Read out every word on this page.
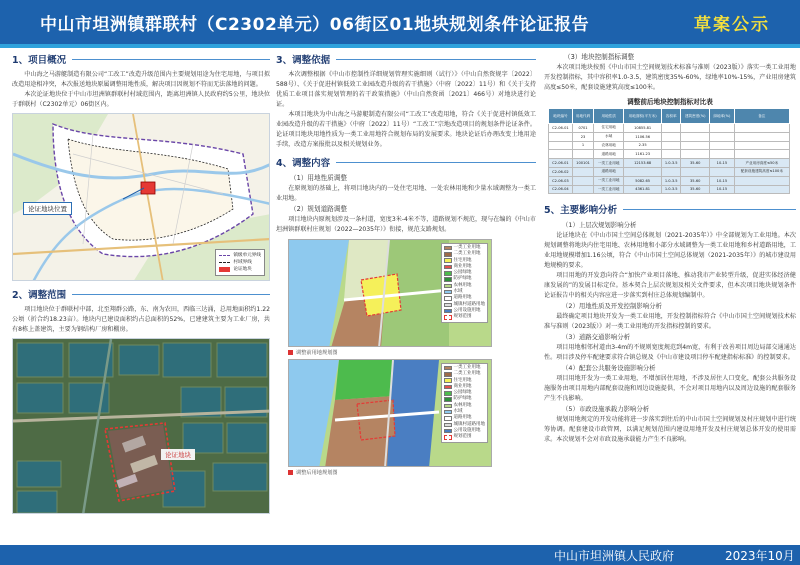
中山市坦洲镇群联村（C2302单元）06街区01地块规划条件论证报告	草案公示
1、项目概况

中山海之马游艇制造有限公司“工改工”改造升级范围内主要规划用途为住宅用地，与项目拟改造用途相冲突，本次报送地块原属调整用地性质，解决项目因规划不符而无法落地的问题。

本次论证地块位于中山市坦洲镇群联村村域范围内，距离坦洲镇人民政府约5公里，地块位于群联村（C2302单元）06街区内。

论证地块位置
镇级单元界线
村域界线
论证地块
2、调整范围

项目地块位于群联村中部，北至翔群公路，东、南为农田，西临三达涌，总用地面积约1.22公顷（折合约18.23亩）。地块内已建设面积约占总面积的52%，已建建筑主要为工业厂房，共有8栋上盖建筑，主要为钢结构厂房和棚房。

论证地块
3、调整依据

本次调整根据《中山市控制性详细规划管理实施细则（试行）》（中山自然资规字〔2022〕588号）、《关于促进村镇低效工业园改造升级的若干措施》（中府〔2022〕11号）和《关于支持优质工业项目落实规划管理的若干政策措施》（中山自然资函〔2021〕466号）对地块进行论证。

本项目地块为中山海之马游艇制造有限公司“工改工”改造用地，符合《关于促进村镇低效工业园改造升级的若干措施》（中府〔2022〕11号）“工改工”宗地改造项目的规划条件论证条件。论证项目地块用地性质为一类工业用地符合规划布局的发展要求。地块论证后办理改变土地用途手续，改造方案报批以及相关规划业务。

4、调整内容
（1）用地性质调整

在原规划的基础上，将项目地块内的一处住宅用地、一处农林用地和少量水域调整为一类工业用地。

（2）规划道路调整

项目地块内原规划涉及一条村道，宽度3米-4米不等，道路规划不规范，现与在编的《中山市坦洲镇群联村庄规划（2022—2035年）》衔接，规范支路规划。

一类工业用地
二类工业用地
住宅用地
商业用地
公园绿地
防护绿地
农林用地
水域
道路用地
城镇村道路用地
公用设施用地
规划范围
调整前用地规划图
一类工业用地
二类工业用地
住宅用地
商业用地
公园绿地
防护绿地
农林用地
水域
道路用地
城镇村道路用地
公用设施用地
规划范围
调整后用地规划图
（3）地块控制指标调整

本次项目地块按照《中山市国土空间规划技术标准与准则（2023版）》落实一类工业用地开发控制指标，其中容积率1.0-3.5，建筑密度35%-60%，绿地率10%-15%，产业用房建筑高度≤50米，配套设施建筑高度≤100米。

调整前后地块控制指标对比表
地块编号	用地代码	用地性质	用地面积(平方米)	容积率	建筑密度(%)	绿地率(%)	备注
C2-06-01	0701	住宅用地	10855.81				
	23	水域	1106.56				
	1	农林用地	2.35				
		道路用地	1161.23				
C2-06-01	100101	一类工业用地	12153.68	1.0-3.5	35-60	10-15	产业用房高度≤50米
C2-06-02		道路用地					配套设施建筑高度≤100米
C2-06-03		一类工业用地	5082.65	1.0-3.5	35-60	10-15	
C2-06-04		一类工业用地	4361.81	1.0-3.5	35-60	10-15	
5、主要影响分析
（1）上层次规划影响分析

论证地块在《中山市国土空间总体规划（2021-2035年）》中全部规划为工业用地。本次规划调整将地块内住宅用地、农林用地和小部分水域调整为一类工业用地和乡村道路用地，工业用地规模增加1.16公顷，符合《中山市国土空间总体规划（2021-2035年）》的城市建设用地规模的要求。

项目用地的开发意向符合“加快产业项目落地、推动我市产业转型升级，促进实体经济健康发展的”的发展目标定位。基本契合上层次规划及相关文件要求，但本次项目地块规划条件论证报告中的相关内容应进一步落实到村庄总体规划编制中。

（2）用地性质及开发控制影响分析

最终确定项目地块开发为一类工业用地，开发控制指标符合《中山市国土空间规划技术标准与准则（2023版）》对一类工业用地的开发指标控制的要求。

（3）道路交通影响分析

项目用地相邻村道由3-4m的不规则宽度规范到4m宽，有利于改善项目周边局部交通通达性。项目涉及停车配建要求符合镇总规及《中山市建设项目停车配建指标标准》的控制要求。

（4）配套公共服务设施影响分析

项目用地开发为一类工业用地，不增加居住用地，不涉及居住人口变化，配套公共服务设施服务由项目用地内部配套设施和周边设施提供，不会对项目用地内以及周边设施的配套服务产生不良影响。

（5）市政设施承载力影响分析

规划用地规定的开发功能将进一步落实到往后的中山市国土空间规划及村庄规划中进行统筹协调。配套建设市政管网，以满足规划范围内建设用地开发及村庄规划总体开发的使用需求。本次规划不会对市政设施承载能力产生不良影响。

中山市坦洲镇人民政府	2023年10月
